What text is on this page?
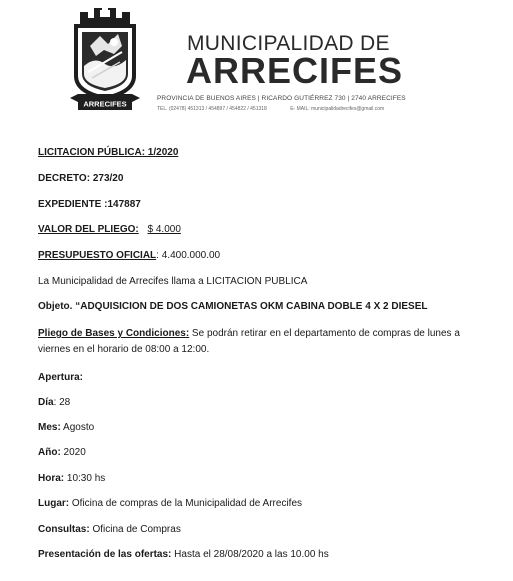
ARRECIFES
MUNICIPALIDAD DE
ARRECIFES
PROVINCIA DE BUENOS AIRES | RICARDO GUTIÉRREZ 730 | 2740 ARRECIFES
TEL. (02478) 451313 / 454897 / 454822 / 451318	E- MAIL: municipalidadrecifes@gmail.com
LICITACION PÚBLICA: 1/2020
DECRETO: 273/20
EXPEDIENTE :147887
VALOR DEL PLIEGO: $ 4.000
PRESUPUESTO OFICIAL: 4.400.000.00
La Municipalidad de Arrecifes llama a LICITACION PUBLICA
Objeto. “ADQUISICION DE DOS CAMIONETAS OKM CABINA DOBLE 4 X 2 DIESEL
Pliego de Bases y Condiciones: Se podrán retirar en el departamento de compras de lunes a viernes en el horario de 08:00 a 12:00.
Apertura:
Día: 28
Mes: Agosto
Año: 2020
Hora: 10:30 hs
Lugar: Oficina de compras de la Municipalidad de Arrecifes
Consultas: Oficina de Compras
Presentación de las ofertas: Hasta el 28/08/2020 a las 10.00 hs
